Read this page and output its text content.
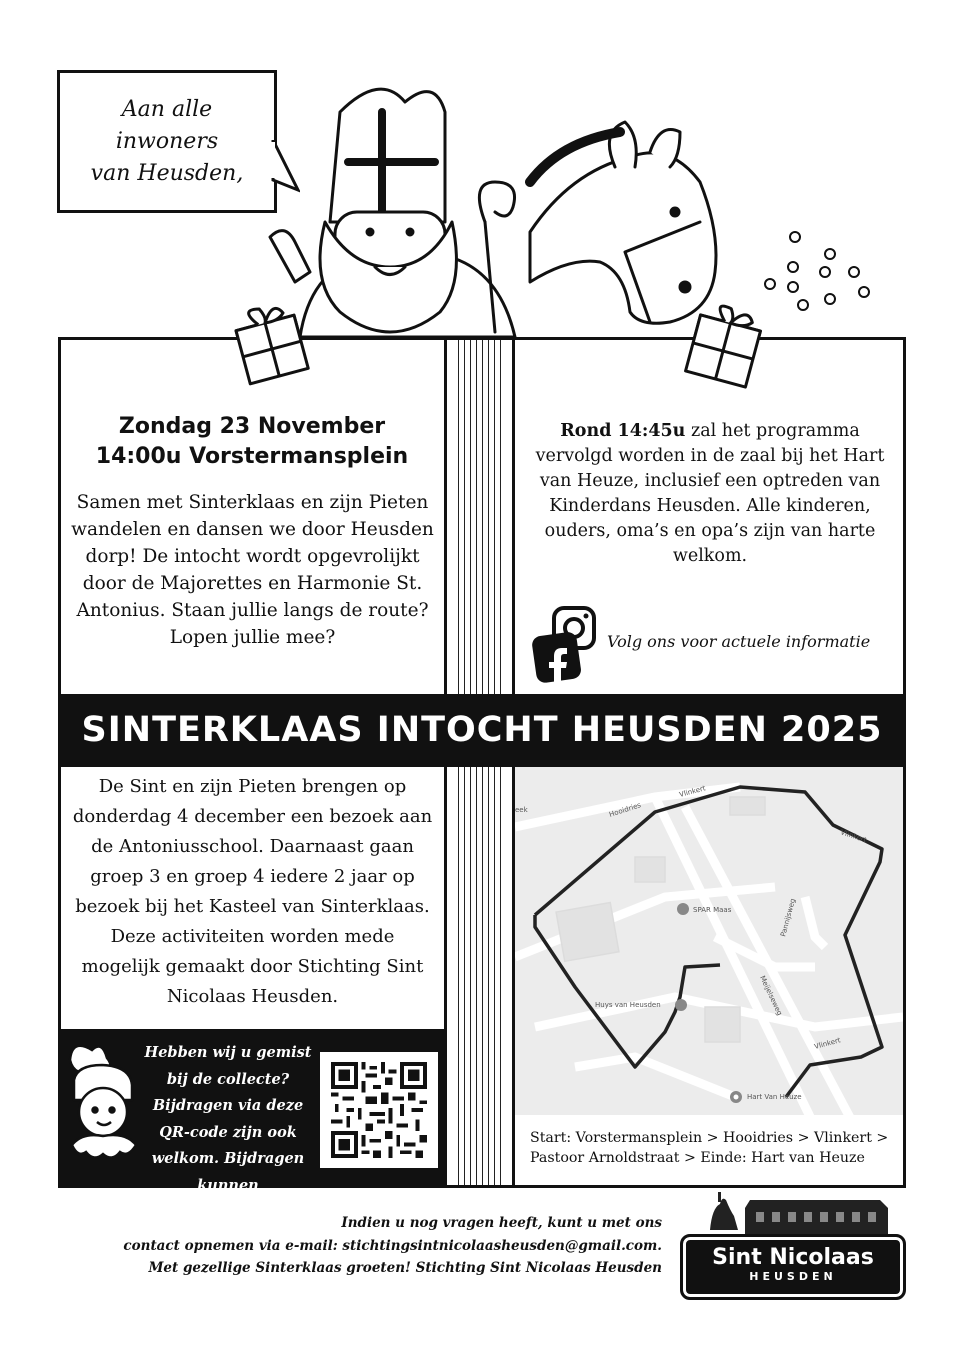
Aan alle
inwoners
van Heusden,
Zondag 23 November
14:00u Vorstermansplein
Samen met Sinterklaas en zijn Pieten wandelen en dansen we door Heusden dorp! De intocht wordt opgevrolijkt door de Majorettes en Harmonie St. Antonius. Staan jullie langs de route? Lopen jullie mee?
Rond 14:45u zal het programma vervolgd worden in de zaal bij het Hart van Heuze, inclusief een optreden van Kinderdans Heusden. Alle kinderen, ouders, oma’s en opa’s zijn van harte welkom.
Volg ons voor actuele informatie
SINTERKLAAS INTOCHT HEUSDEN 2025
De Sint en zijn Pieten brengen op donderdag 4 december een bezoek aan de Antoniusschool. Daarnaast gaan groep 3 en groep 4 iedere 2 jaar op bezoek bij het Kasteel van Sinterklaas. Deze activiteiten worden mede mogelijk gemaakt door Stichting Sint Nicolaas Heusden.
Hebben wij u gemist bij de collecte? Bijdragen via deze QR-code zijn ook welkom. Bijdragen kunnen
Hooidries
Vlinkert
Vlinkert
Vlinkert
SPAR Maas	Pannijsweg
Meijelseweg
Huys van Heusden
Hart Van Heuze
eek
Start: Vorstermansplein > Hooidries > Vlinkert > Pastoor Arnoldstraat > Einde: Hart van Heuze
Indien u nog vragen heeft, kunt u met ons
contact opnemen via e-mail: stichtingsintnicolaasheusden@gmail.com.
Met gezellige Sinterklaas groeten! Stichting Sint Nicolaas Heusden	Sint Nicolaas
HEUSDEN
